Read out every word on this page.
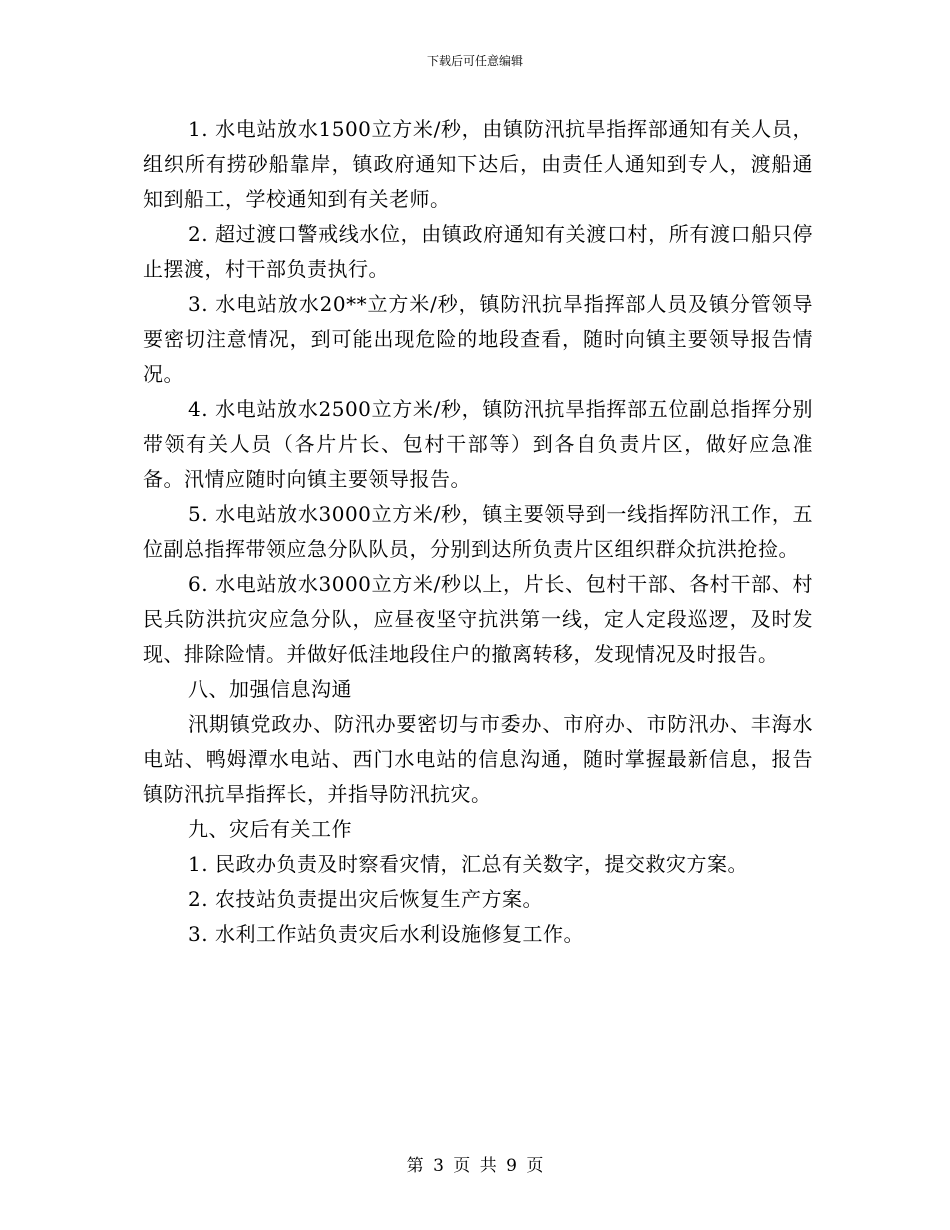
下载后可任意编辑

1. 水电站放水1500立方米/秒，由镇防汛抗旱指挥部通知有关人员，组织所有捞砂船靠岸，镇政府通知下达后，由责任人通知到专人，渡船通知到船工，学校通知到有关老师。

2. 超过渡口警戒线水位，由镇政府通知有关渡口村，所有渡口船只停止摆渡，村干部负责执行。

3. 水电站放水20**立方米/秒，镇防汛抗旱指挥部人员及镇分管领导要密切注意情况，到可能出现危险的地段查看，随时向镇主要领导报告情况。

4. 水电站放水2500立方米/秒，镇防汛抗旱指挥部五位副总指挥分别带领有关人员（各片片长、包村干部等）到各自负责片区，做好应急准备。汛情应随时向镇主要领导报告。

5. 水电站放水3000立方米/秒，镇主要领导到一线指挥防汛工作，五位副总指挥带领应急分队队员，分别到达所负责片区组织群众抗洪抢捡。

6. 水电站放水3000立方米/秒以上，片长、包村干部、各村干部、村民兵防洪抗灾应急分队，应昼夜坚守抗洪第一线，定人定段巡逻，及时发现、排除险情。并做好低洼地段住户的撤离转移，发现情况及时报告。

八、加强信息沟通

汛期镇党政办、防汛办要密切与市委办、市府办、市防汛办、丰海水电站、鸭姆潭水电站、西门水电站的信息沟通，随时掌握最新信息，报告镇防汛抗旱指挥长，并指导防汛抗灾。

九、灾后有关工作

1. 民政办负责及时察看灾情，汇总有关数字，提交救灾方案。

2. 农技站负责提出灾后恢复生产方案。

3. 水利工作站负责灾后水利设施修复工作。

第 3 页 共 9 页
